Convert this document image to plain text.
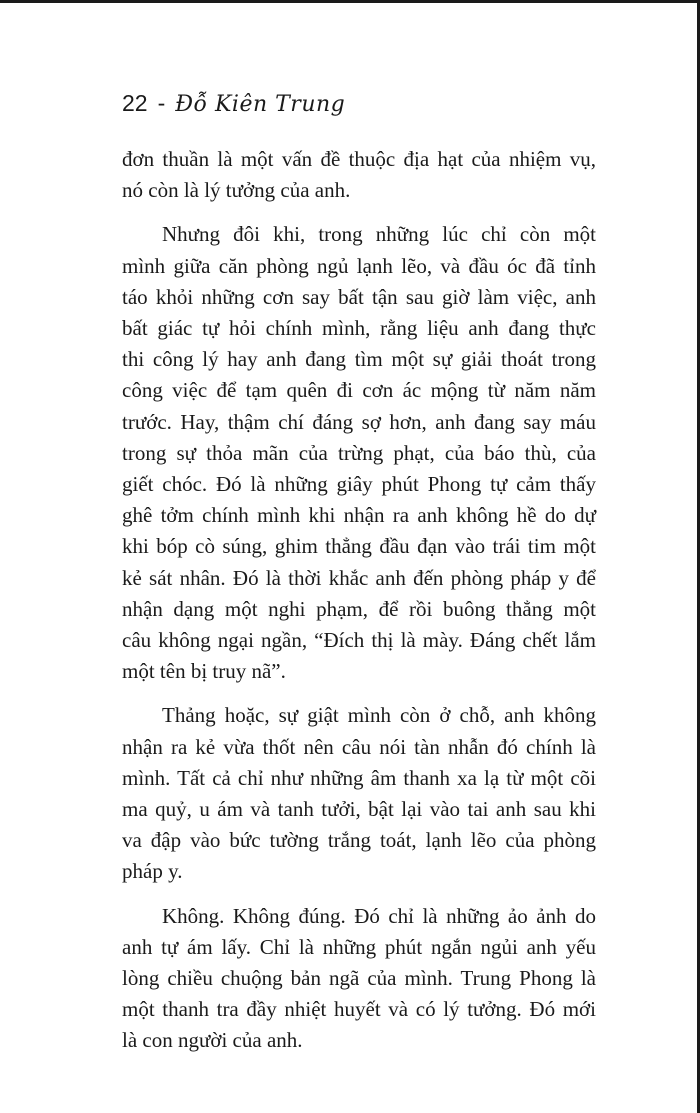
22 - Đỗ Kiên Trung

đơn thuần là một vấn đề thuộc địa hạt của nhiệm vụ,
nó còn là lý tưởng của anh.

Nhưng đôi khi, trong những lúc chỉ còn một
mình giữa căn phòng ngủ lạnh lẽo, và đầu óc đã tỉnh
táo khỏi những cơn say bất tận sau giờ làm việc, anh
bất giác tự hỏi chính mình, rằng liệu anh đang thực
thi công lý hay anh đang tìm một sự giải thoát trong
công việc để tạm quên đi cơn ác mộng từ năm năm
trước. Hay, thậm chí đáng sợ hơn, anh đang say máu
trong sự thỏa mãn của trừng phạt, của báo thù, của
giết chóc. Đó là những giây phút Phong tự cảm thấy
ghê tởm chính mình khi nhận ra anh không hề do dự
khi bóp cò súng, ghim thẳng đầu đạn vào trái tim một
kẻ sát nhân. Đó là thời khắc anh đến phòng pháp y để
nhận dạng một nghi phạm, để rồi buông thẳng một
câu không ngại ngần, “Đích thị là mày. Đáng chết lắm
một tên bị truy nã”.

Thảng hoặc, sự giật mình còn ở chỗ, anh không
nhận ra kẻ vừa thốt nên câu nói tàn nhẫn đó chính là
mình. Tất cả chỉ như những âm thanh xa lạ từ một cõi
ma quỷ, u ám và tanh tưởi, bật lại vào tai anh sau khi
va đập vào bức tường trắng toát, lạnh lẽo của phòng
pháp y.

Không. Không đúng. Đó chỉ là những ảo ảnh do
anh tự ám lấy. Chỉ là những phút ngắn ngủi anh yếu
lòng chiều chuộng bản ngã của mình. Trung Phong là
một thanh tra đầy nhiệt huyết và có lý tưởng. Đó mới
là con người của anh.
